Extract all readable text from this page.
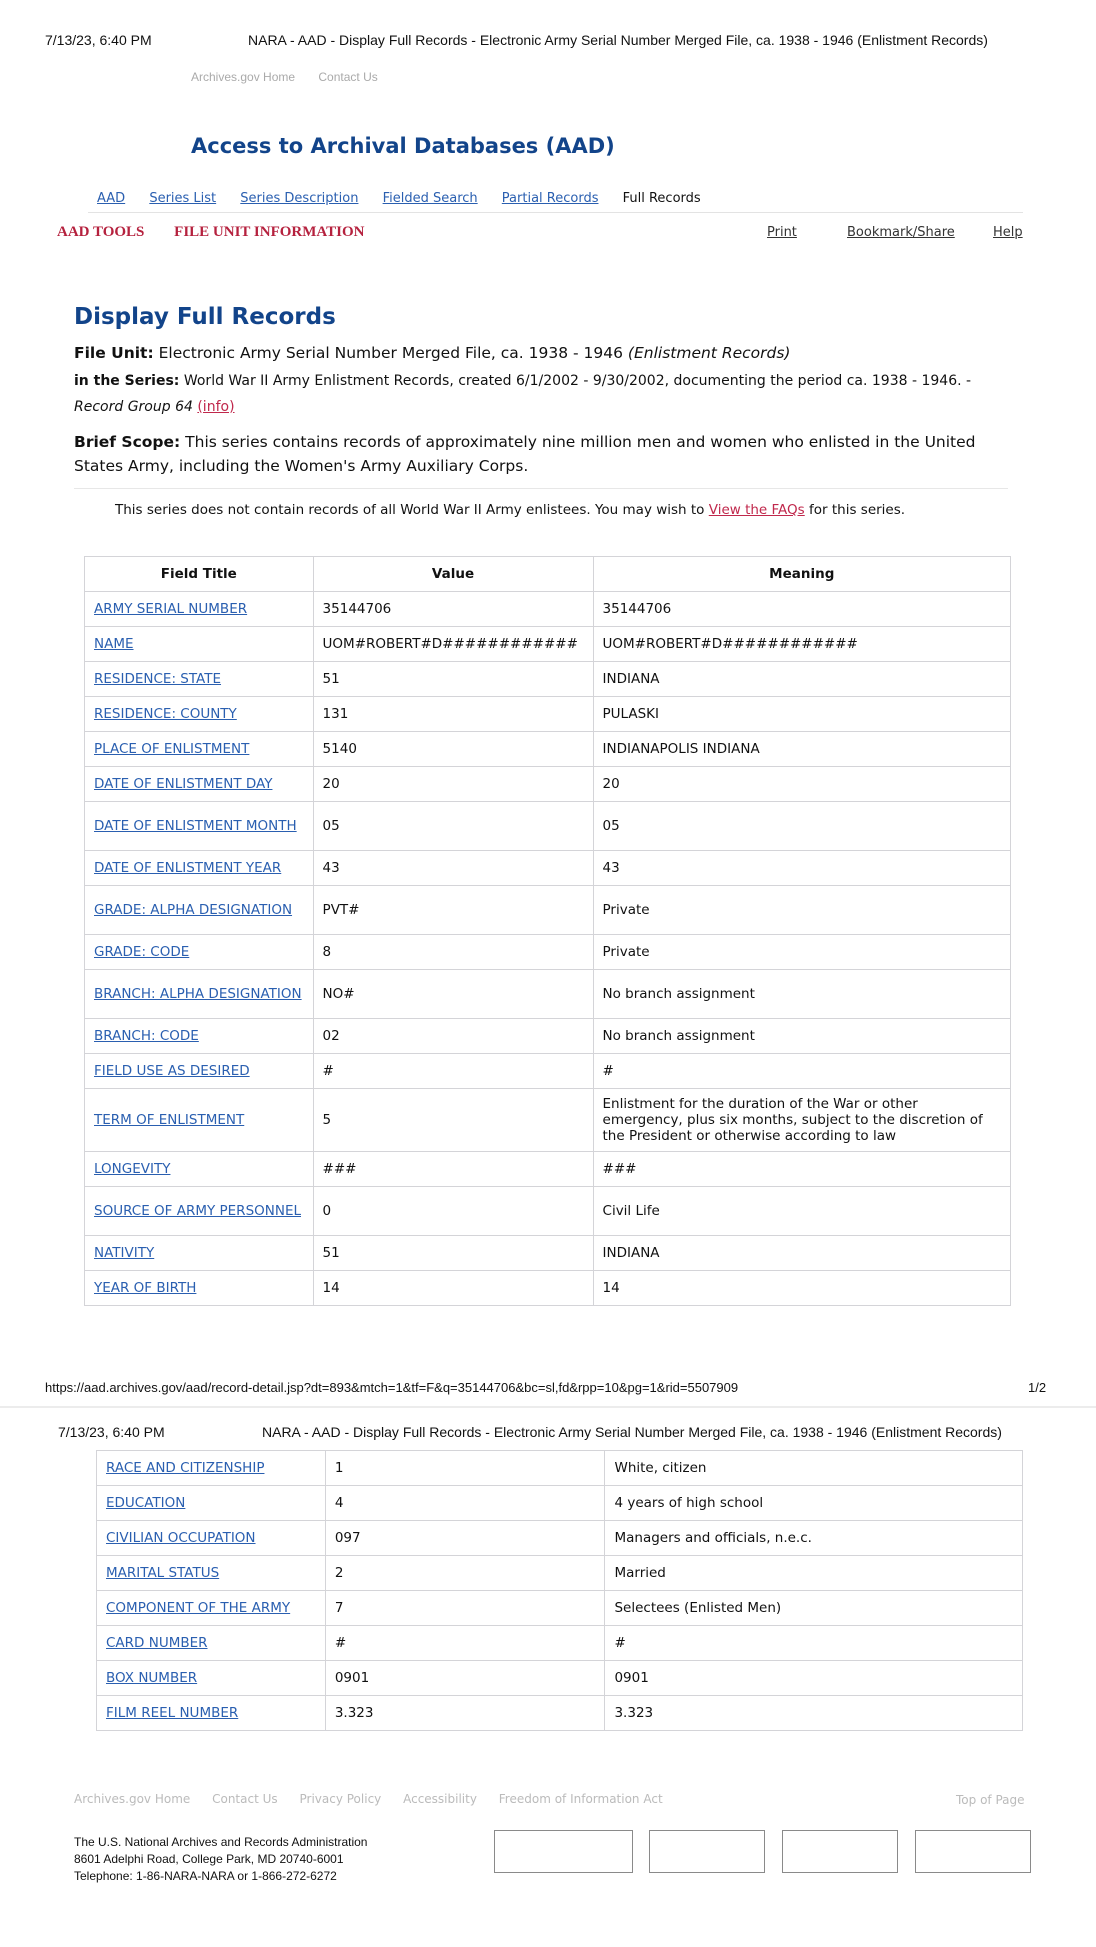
7/13/23, 6:40 PM	NARA - AAD - Display Full Records - Electronic Army Serial Number Merged File, ca. 1938 - 1946 (Enlistment Records)
Archives.gov Home Contact Us
Access to Archival Databases (AAD)
AAD Series List Series Description Fielded Search Partial Records Full Records
AAD TOOLS FILE UNIT INFORMATION	Print	Bookmark/Share	Help
Display Full Records
File Unit: Electronic Army Serial Number Merged File, ca. 1938 - 1946 (Enlistment Records)
in the Series: World War II Army Enlistment Records, created 6/1/2002 - 9/30/2002, documenting the period ca. 1938 - 1946. -
Record Group 64 (info)
Brief Scope: This series contains records of approximately nine million men and women who enlisted in the United States Army, including the Women's Army Auxiliary Corps.
This series does not contain records of all World War II Army enlistees. You may wish to View the FAQs for this series.
Field Title	Value	Meaning
ARMY SERIAL NUMBER	35144706	35144706
NAME	UOM#ROBERT#D############	UOM#ROBERT#D############
RESIDENCE: STATE	51	INDIANA
RESIDENCE: COUNTY	131	PULASKI
PLACE OF ENLISTMENT	5140	INDIANAPOLIS INDIANA
DATE OF ENLISTMENT DAY	20	20
DATE OF ENLISTMENT MONTH	05	05
DATE OF ENLISTMENT YEAR	43	43
GRADE: ALPHA DESIGNATION	PVT#	Private
GRADE: CODE	8	Private
BRANCH: ALPHA DESIGNATION	NO#	No branch assignment
BRANCH: CODE	02	No branch assignment
FIELD USE AS DESIRED	#	#
TERM OF ENLISTMENT	5	Enlistment for the duration of the War or other emergency, plus six months, subject to the discretion of the President or otherwise according to law
LONGEVITY	###	###
SOURCE OF ARMY PERSONNEL	0	Civil Life
NATIVITY	51	INDIANA
YEAR OF BIRTH	14	14
https://aad.archives.gov/aad/record-detail.jsp?dt=893&mtch=1&tf=F&q=35144706&bc=sl,fd&rpp=10&pg=1&rid=5507909	1/2
7/13/23, 6:40 PM	NARA - AAD - Display Full Records - Electronic Army Serial Number Merged File, ca. 1938 - 1946 (Enlistment Records)
RACE AND CITIZENSHIP	1	White, citizen
EDUCATION	4	4 years of high school
CIVILIAN OCCUPATION	097	Managers and officials, n.e.c.
MARITAL STATUS	2	Married
COMPONENT OF THE ARMY	7	Selectees (Enlisted Men)
CARD NUMBER	#	#
BOX NUMBER	0901	0901
FILM REEL NUMBER	3.323	3.323
Archives.gov Home Contact Us Privacy Policy Accessibility Freedom of Information Act	Top of Page
The U.S. National Archives and Records Administration
8601 Adelphi Road, College Park, MD 20740-6001
Telephone: 1-86-NARA-NARA or 1-866-272-6272
